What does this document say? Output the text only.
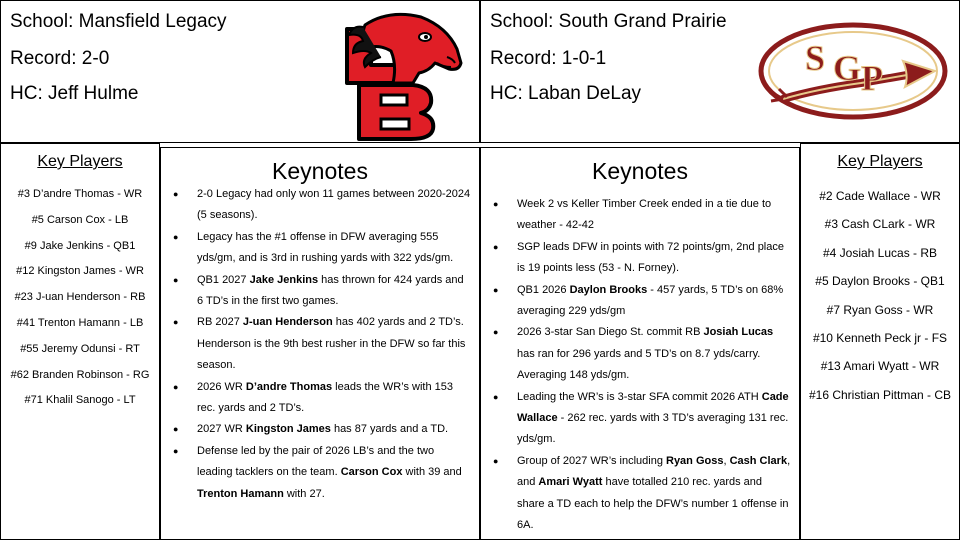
School: Mansfield Legacy
Record: 2-0
HC: Jeff Hulme
School: South Grand Prairie
Record: 1-0-1
HC: Laban DeLay
S G P
Key Players
#3 D’andre Thomas - WR
#5 Carson Cox - LB
#9 Jake Jenkins - QB1
#12 Kingston James - WR
#23 J-uan Henderson - RB
#41 Trenton Hamann - LB
#55 Jeremy Odunsi - RT
#62 Branden Robinson - RG
#71 Khalil Sanogo - LT
Keynotes
● 2-0 Legacy had only won 11 games between 2020-2024 (5 seasons).
● Legacy has the #1 offense in DFW averaging 555 yds/gm, and is 3rd in rushing yards with 322 yds/gm.
● QB1 2027 Jake Jenkins has thrown for 424 yards and 6 TD’s in the first two games.
● RB 2027 J-uan Henderson has 402 yards and 2 TD’s. Henderson is the 9th best rusher in the DFW so far this season.
● 2026 WR D’andre Thomas leads the WR’s with 153 rec. yards and 2 TD’s.
● 2027 WR Kingston James has 87 yards and a TD.
● Defense led by the pair of 2026 LB’s and the two leading tacklers on the team. Carson Cox with 39 and Trenton Hamann with 27.
Keynotes
● Week 2 vs Keller Timber Creek ended in a tie due to weather - 42-42
● SGP leads DFW in points with 72 points/gm, 2nd place is 19 points less (53 - N. Forney).
● QB1 2026 Daylon Brooks - 457 yards, 5 TD’s on 68% averaging 229 yds/gm
● 2026 3-star San Diego St. commit RB Josiah Lucas has ran for 296 yards and 5 TD’s on 8.7 yds/carry. Averaging 148 yds/gm.
● Leading the WR’s is 3-star SFA commit 2026 ATH Cade Wallace - 262 rec. yards with 3 TD’s averaging 131 rec. yds/gm.
● Group of 2027 WR’s including Ryan Goss, Cash Clark, and Amari Wyatt have totalled 210 rec. yards and share a TD each to help the DFW’s number 1 offense in 6A.
Key Players
#2 Cade Wallace - WR
#3 Cash CLark - WR
#4 Josiah Lucas - RB
#5 Daylon Brooks - QB1
#7 Ryan Goss - WR
#10 Kenneth Peck jr - FS
#13 Amari Wyatt - WR
#16 Christian Pittman - CB
